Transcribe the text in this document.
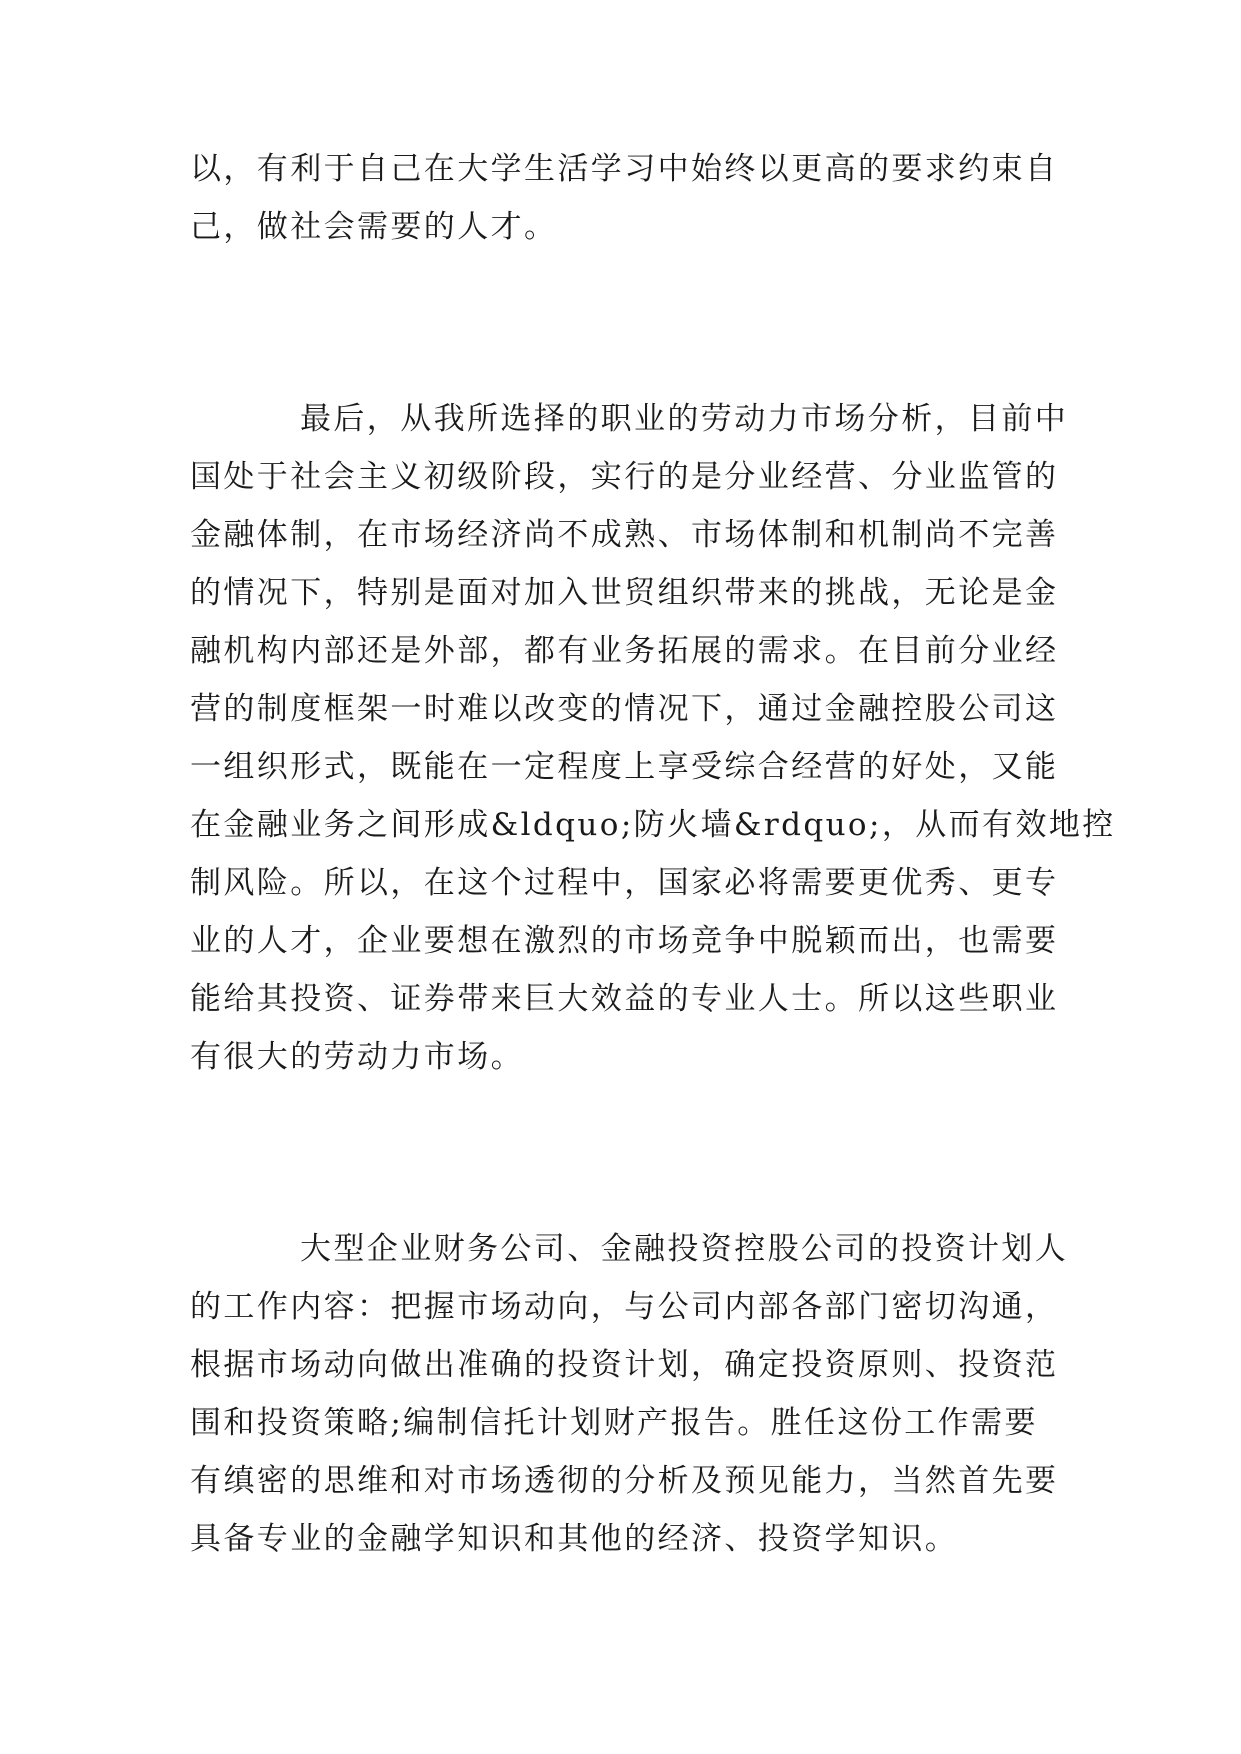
以，有利于自己在大学生活学习中始终以更高的要求约束自
己，做社会需要的人才。
最后，从我所选择的职业的劳动力市场分析，目前中
国处于社会主义初级阶段，实行的是分业经营、分业监管的
金融体制，在市场经济尚不成熟、市场体制和机制尚不完善
的情况下，特别是面对加入世贸组织带来的挑战，无论是金
融机构内部还是外部，都有业务拓展的需求。在目前分业经
营的制度框架一时难以改变的情况下，通过金融控股公司这
一组织形式，既能在一定程度上享受综合经营的好处，又能
在金融业务之间形成&ldquo;防火墙&rdquo;，从而有效地控
制风险。所以，在这个过程中，国家必将需要更优秀、更专
业的人才，企业要想在激烈的市场竞争中脱颖而出，也需要
能给其投资、证券带来巨大效益的专业人士。所以这些职业
有很大的劳动力市场。
大型企业财务公司、金融投资控股公司的投资计划人
的工作内容：把握市场动向，与公司内部各部门密切沟通，
根据市场动向做出准确的投资计划，确定投资原则、投资范
围和投资策略;编制信托计划财产报告。胜任这份工作需要
有缜密的思维和对市场透彻的分析及预见能力，当然首先要
具备专业的金融学知识和其他的经济、投资学知识。
